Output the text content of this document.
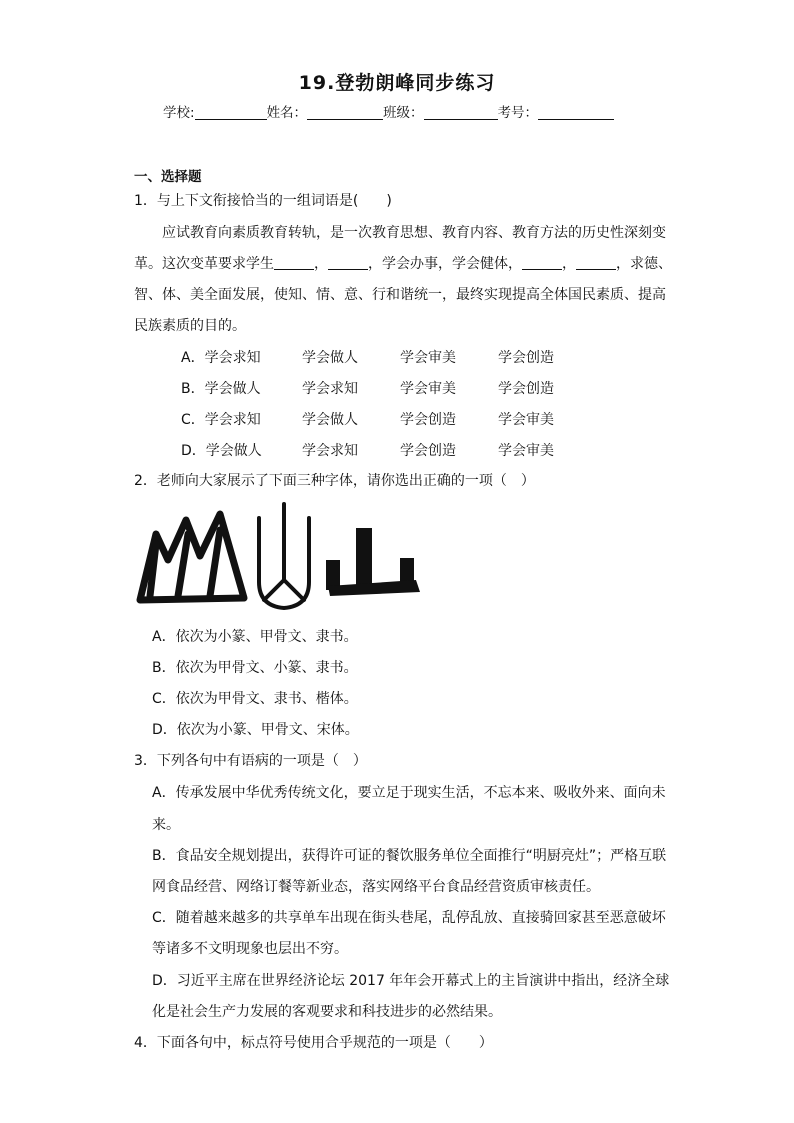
19.登勃朗峰同步练习
学校:	姓名：	班级：	考号：
一、选择题
1．与上下文衔接恰当的一组词语是(　　)
应试教育向素质教育转轨，是一次教育思想、教育内容、教育方法的历史性深刻变
革。这次变革要求学生	，	，学会办事，学会健体，	，	，求德、
智、体、美全面发展，使知、情、意、行和谐统一，最终实现提高全体国民素质、提高
民族素质的目的。
A．学会求知	学会做人	学会审美	学会创造
B．学会做人	学会求知	学会审美	学会创造
C．学会求知	学会做人	学会创造	学会审美
D．学会做人	学会求知	学会创造	学会审美
2．老师向大家展示了下面三种字体，请你选出正确的一项（　）
A．依次为小篆、甲骨文、隶书。
B．依次为甲骨文、小篆、隶书。
C．依次为甲骨文、隶书、楷体。
D．依次为小篆、甲骨文、宋体。
3．下列各句中有语病的一项是（　）
A．传承发展中华优秀传统文化，要立足于现实生活，不忘本来、吸收外来、面向未
来。
B．食品安全规划提出，获得许可证的餐饮服务单位全面推行“明厨亮灶”；严格互联
网食品经营、网络订餐等新业态，落实网络平台食品经营资质审核责任。
C．随着越来越多的共享单车出现在街头巷尾，乱停乱放、直接骑回家甚至恶意破坏
等诸多不文明现象也层出不穷。
D．习近平主席在世界经济论坛 2017 年年会开幕式上的主旨演讲中指出，经济全球
化是社会生产力发展的客观要求和科技进步的必然结果。
4．下面各句中，标点符号使用合乎规范的一项是（　　）
